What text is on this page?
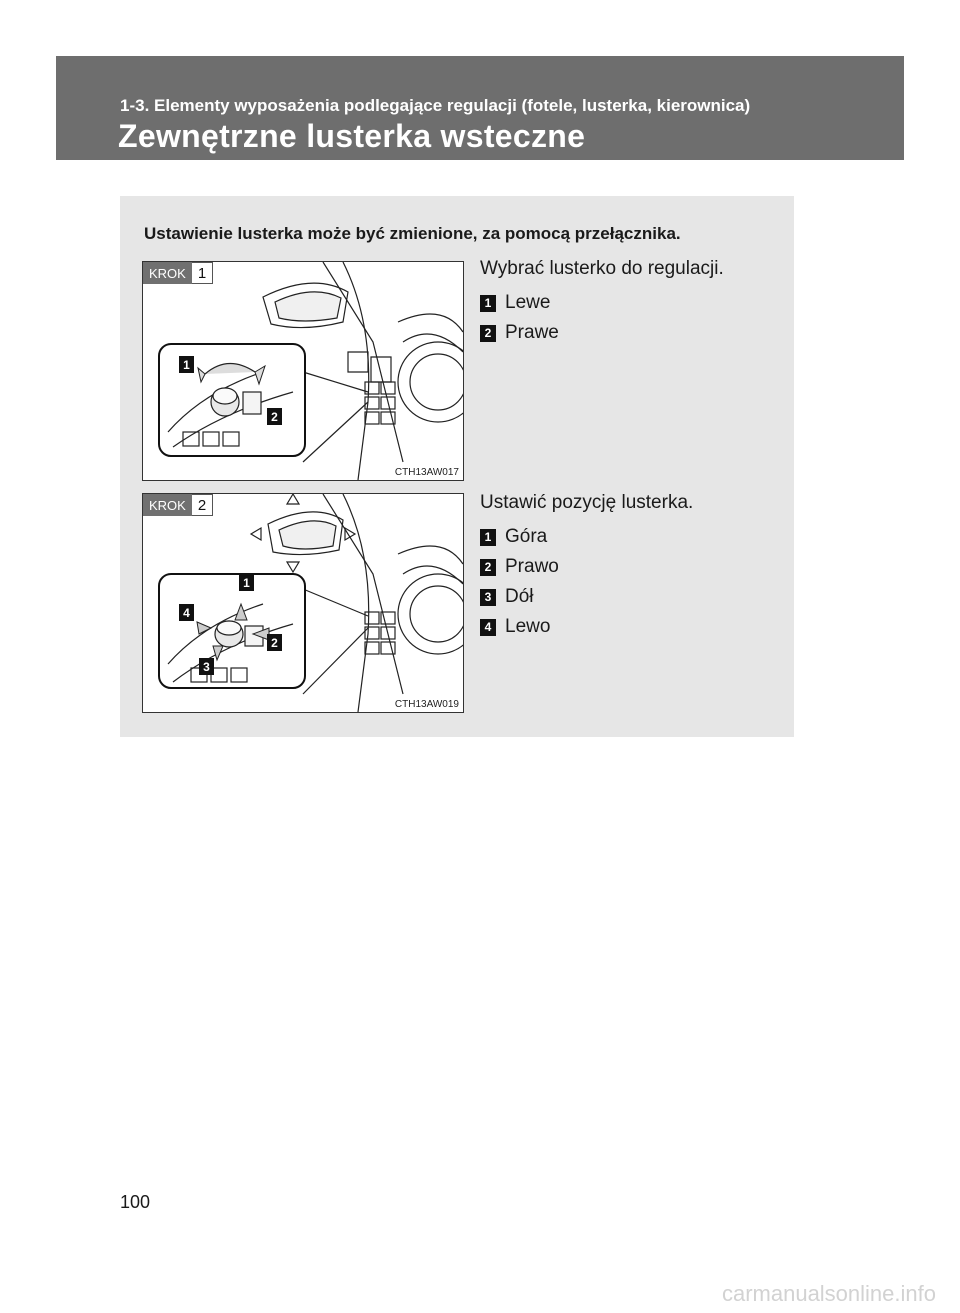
1-3. Elementy wyposażenia podlegające regulacji (fotele, lusterka, kierownica)
Zewnętrzne lusterka wsteczne
Ustawienie lusterka może być zmienione, za pomocą przełącznika.
KROK 1
1
2
CTH13AW017
Wybrać lusterko do regulacji.
1 Lewe
2 Prawe
KROK 2
1
2
3
4
CTH13AW019
Ustawić pozycję lusterka.
1 Góra
2 Prawo
3 Dół
4 Lewo
100
carmanualsonline.info
